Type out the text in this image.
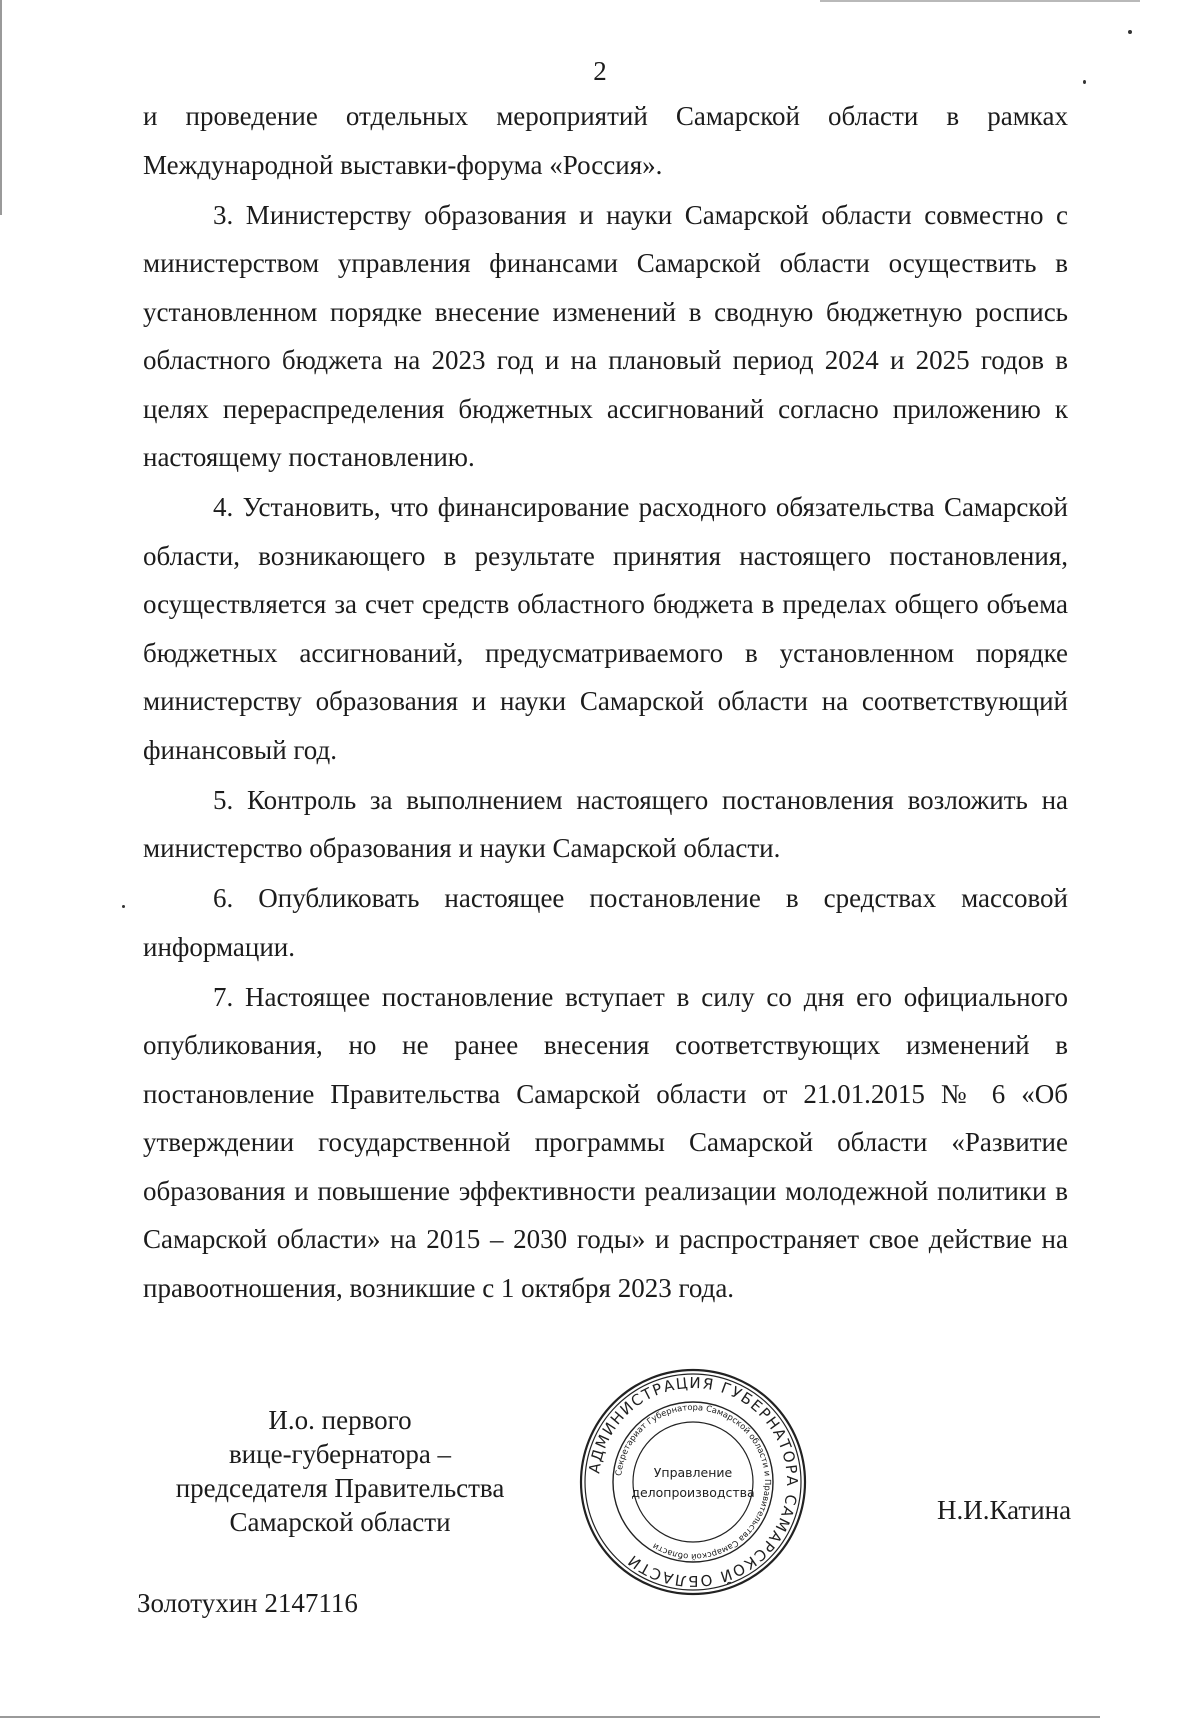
2

и проведение отдельных мероприятий Самарской области в рамках Международной выставки-форума «Россия».

3. Министерству образования и науки Самарской области совместно с министерством управления финансами Самарской области осуществить в установленном порядке внесение изменений в сводную бюджетную роспись областного бюджета на 2023 год и на плановый период 2024 и 2025 годов в целях перераспределения бюджетных ассигнований согласно приложению к настоящему постановлению.

4. Установить, что финансирование расходного обязательства Самарской области, возникающего в результате принятия настоящего постановления, осуществляется за счет средств областного бюджета в пределах общего объема бюджетных ассигнований, предусматриваемого в установленном порядке министерству образования и науки Самарской области на соответствующий финансовый год.

5. Контроль за выполнением настоящего постановления возложить на министерство образования и науки Самарской области.

6. Опубликовать настоящее постановление в средствах массовой информации.

7. Настоящее постановление вступает в силу со дня его официального опубликования, но не ранее внесения соответствующих изменений в постановление Правительства Самарской области от 21.01.2015 № 6 «Об утверждении государственной программы Самарской области «Развитие образования и повышение эффективности реализации молодежной политики в Самарской области» на 2015 – 2030 годы» и распространяет свое действие на правоотношения, возникшие с 1 октября 2023 года.

И.о. первого
вице-губернатора –
председателя Правительства
Самарской области
АДМИНИСТРАЦИЯ ГУБЕРНАТОРА САМАРСКОЙ ОБЛАСТИ
Секретариат Губернатора Самарской области и Правительства Самарской области
Управление
делопроизводства
Н.И.Катина
Золотухин 2147116
